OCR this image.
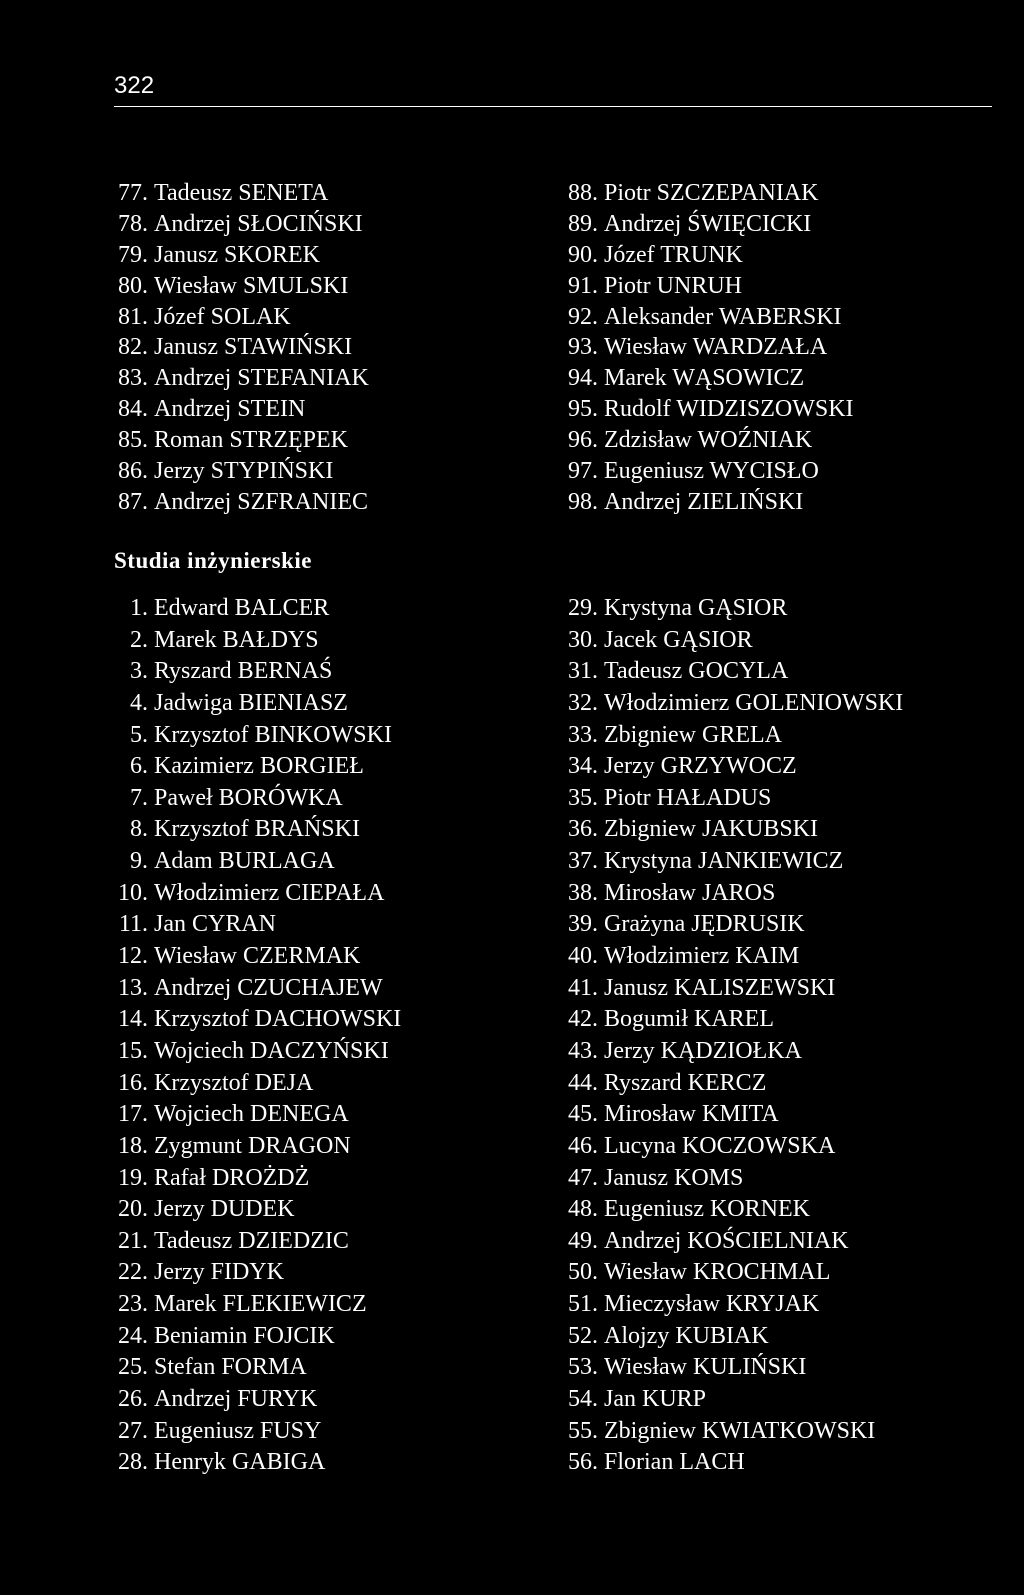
322
77. Tadeusz SENETA
78. Andrzej SŁOCIŃSKI
79. Janusz SKOREK
80. Wiesław SMULSKI
81. Józef SOLAK
82. Janusz STAWIŃSKI
83. Andrzej STEFANIAK
84. Andrzej STEIN
85. Roman STRZĘPEK
86. Jerzy STYPIŃSKI
87. Andrzej SZFRANIEC
88. Piotr SZCZEPANIAK
89. Andrzej ŚWIĘCICKI
90. Józef TRUNK
91. Piotr UNRUH
92. Aleksander WABERSKI
93. Wiesław WARDZAŁA
94. Marek WĄSOWICZ
95. Rudolf WIDZISZOWSKI
96. Zdzisław WOŹNIAK
97. Eugeniusz WYCISŁO
98. Andrzej ZIELIŃSKI
Studia inżynierskie
1. Edward BALCER
2. Marek BAŁDYS
3. Ryszard BERNAŚ
4. Jadwiga BIENIASZ
5. Krzysztof BINKOWSKI
6. Kazimierz BORGIEŁ
7. Paweł BORÓWKA
8. Krzysztof BRAŃSKI
9. Adam BURLAGA
10. Włodzimierz CIEPAŁA
11. Jan CYRAN
12. Wiesław CZERMAK
13. Andrzej CZUCHAJEW
14. Krzysztof DACHOWSKI
15. Wojciech DACZYŃSKI
16. Krzysztof DEJA
17. Wojciech DENEGA
18. Zygmunt DRAGON
19. Rafał DROŻDŻ
20. Jerzy DUDEK
21. Tadeusz DZIEDZIC
22. Jerzy FIDYK
23. Marek FLEKIEWICZ
24. Beniamin FOJCIK
25. Stefan FORMA
26. Andrzej FURYK
27. Eugeniusz FUSY
28. Henryk GABIGA
29. Krystyna GĄSIOR
30. Jacek GĄSIOR
31. Tadeusz GOCYLA
32. Włodzimierz GOLENIOWSKI
33. Zbigniew GRELA
34. Jerzy GRZYWOCZ
35. Piotr HAŁADUS
36. Zbigniew JAKUBSKI
37. Krystyna JANKIEWICZ
38. Mirosław JAROS
39. Grażyna JĘDRUSIK
40. Włodzimierz KAIM
41. Janusz KALISZEWSKI
42. Bogumił KAREL
43. Jerzy KĄDZIOŁKA
44. Ryszard KERCZ
45. Mirosław KMITA
46. Lucyna KOCZOWSKA
47. Janusz KOMS
48. Eugeniusz KORNEK
49. Andrzej KOŚCIELNIAK
50. Wiesław KROCHMAL
51. Mieczysław KRYJAK
52. Alojzy KUBIAK
53. Wiesław KULIŃSKI
54. Jan KURP
55. Zbigniew KWIATKOWSKI
56. Florian LACH
